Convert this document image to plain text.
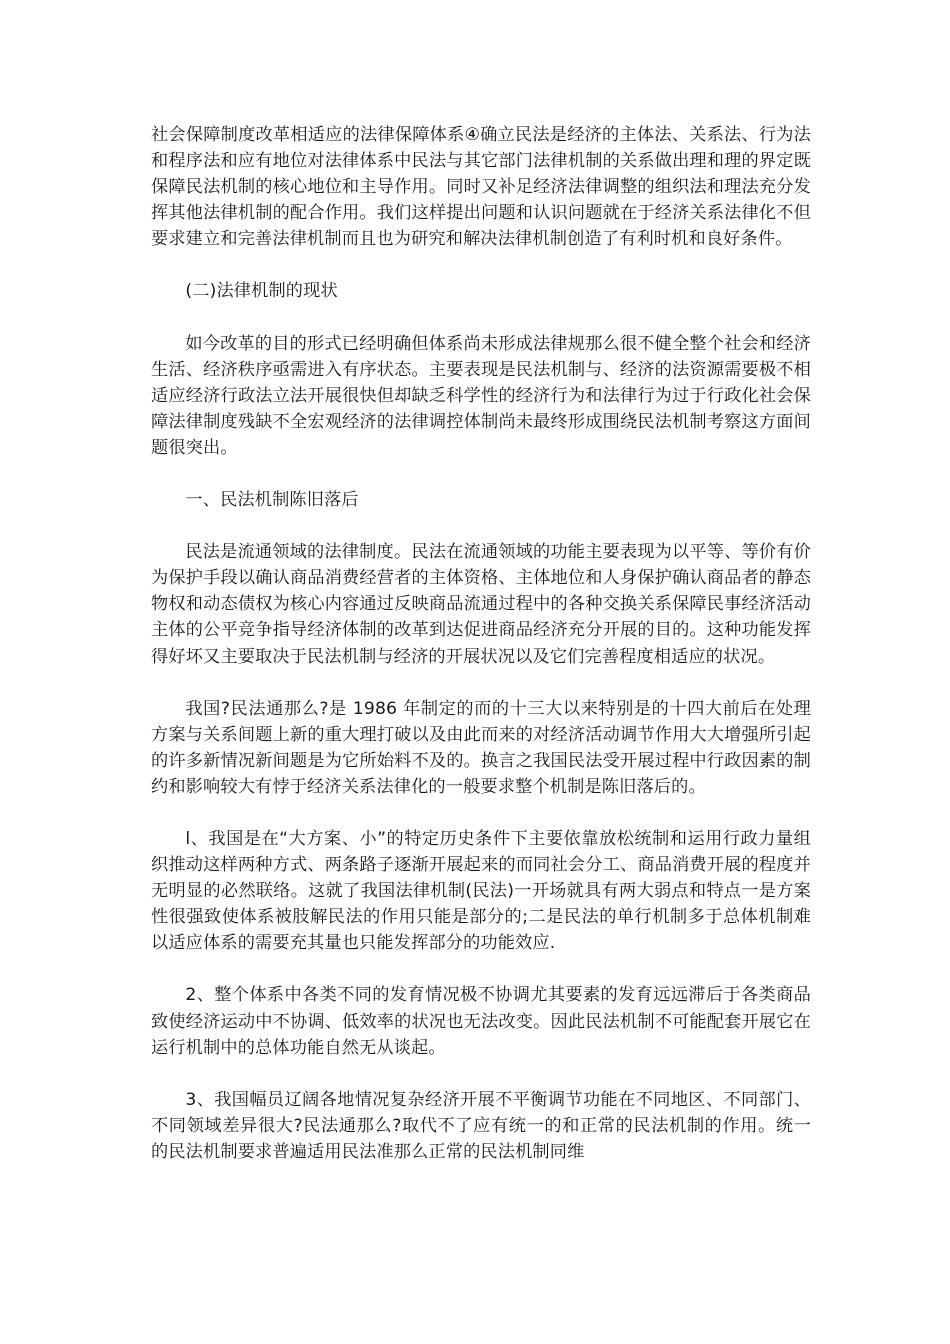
社会保障制度改革相适应的法律保障体系④确立民法是经济的主体法、关系法、行为法和程序法和应有地位对法律体系中民法与其它部门法律机制的关系做出理和理的界定既保障民法机制的核心地位和主导作用。同时又补足经济法律调整的组织法和理法充分发挥其他法律机制的配合作用。我们这样提出问题和认识问题就在于经济关系法律化不但要求建立和完善法律机制而且也为研究和解决法律机制创造了有利时机和良好条件。

(二)法律机制的现状

如今改革的目的形式已经明确但体系尚未形成法律规那么很不健全整个社会和经济生活、经济秩序亟需进入有序状态。主要表现是民法机制与、经济的法资源需要极不相适应经济行政法立法开展很快但却缺乏科学性的经济行为和法律行为过于行政化社会保障法律制度残缺不全宏观经济的法律调控体制尚未最终形成围绕民法机制考察这方面间题很突出。

一、民法机制陈旧落后

民法是流通领域的法律制度。民法在流通领域的功能主要表现为以平等、等价有价为保护手段以确认商品消费经营者的主体资格、主体地位和人身保护确认商品者的静态物权和动态债权为核心内容通过反映商品流通过程中的各种交换关系保障民事经济活动主体的公平竞争指导经济体制的改革到达促进商品经济充分开展的目的。这种功能发挥得好坏又主要取决于民法机制与经济的开展状况以及它们完善程度相适应的状况。

我国?民法通那么?是 1986 年制定的而的十三大以来特别是的十四大前后在处理方案与关系间题上新的重大理打破以及由此而来的对经济活动调节作用大大增强所引起的许多新情况新间题是为它所始料不及的。换言之我国民法受开展过程中行政因素的制约和影响较大有悖于经济关系法律化的一般要求整个机制是陈旧落后的。

l、我国是在“大方案、小”的特定历史条件下主要依靠放松统制和运用行政力量组织推动这样两种方式、两条路子逐渐开展起来的而同社会分工、商品消费开展的程度并无明显的必然联络。这就了我国法律机制(民法)一开场就具有两大弱点和特点一是方案性很强致使体系被肢解民法的作用只能是部分的;二是民法的单行机制多于总体机制难以适应体系的需要充其量也只能发挥部分的功能效应.

2、整个体系中各类不同的发育情况极不协调尤其要素的发育远远滞后于各类商品致使经济运动中不协调、低效率的状况也无法改变。因此民法机制不可能配套开展它在运行机制中的总体功能自然无从谈起。

3、我国幅员辽阔各地情况复杂经济开展不平衡调节功能在不同地区、不同部门、不同领域差异很大?民法通那么?取代不了应有统一的和正常的民法机制的作用。统一的民法机制要求普遍适用民法准那么正常的民法机制同维
